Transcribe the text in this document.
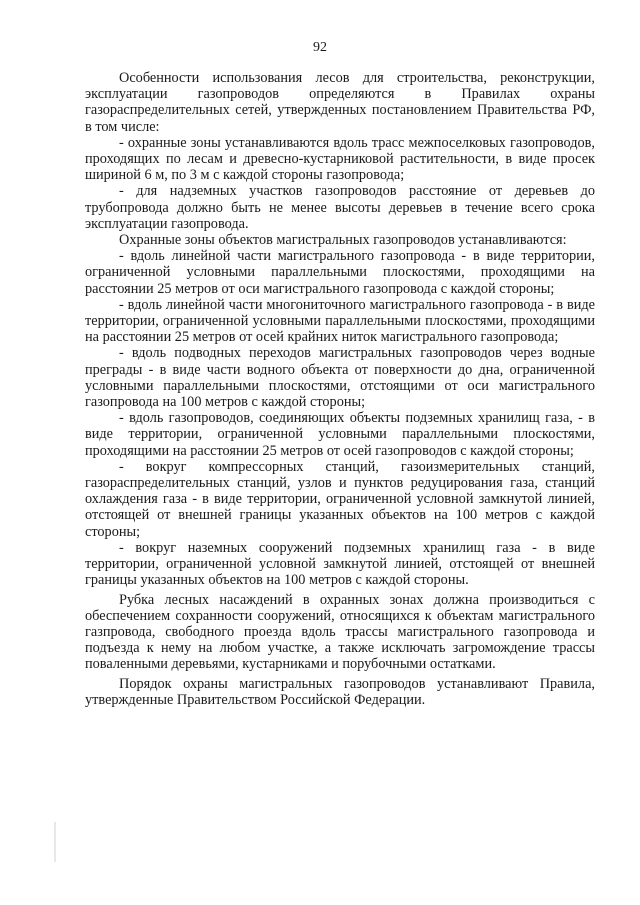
92

Особенности использования лесов для строительства, реконструкции, эксплуатации газопроводов определяются в Правилах охраны газораспределительных сетей, утвержденных постановлением Правительства РФ, в том числе:

- охранные зоны устанавливаются вдоль трасс межпоселковых газопроводов, проходящих по лесам и древесно-кустарниковой растительности, в виде просек шириной 6 м, по 3 м с каждой стороны газопровода;

- для надземных участков газопроводов расстояние от деревьев до трубопровода должно быть не менее высоты деревьев в течение всего срока эксплуатации газопровода.

Охранные зоны объектов магистральных газопроводов устанавливаются:

- вдоль линейной части магистрального газопровода - в виде территории, ограниченной условными параллельными плоскостями, проходящими на расстоянии 25 метров от оси магистрального газопровода с каждой стороны;

- вдоль линейной части многониточного магистрального газопровода - в виде территории, ограниченной условными параллельными плоскостями, проходящими на расстоянии 25 метров от осей крайних ниток магистрального газопровода;

- вдоль подводных переходов магистральных газопроводов через водные преграды - в виде части водного объекта от поверхности до дна, ограниченной условными параллельными плоскостями, отстоящими от оси магистрального газопровода на 100 метров с каждой стороны;

- вдоль газопроводов, соединяющих объекты подземных хранилищ газа, - в виде территории, ограниченной условными параллельными плоскостями, проходящими на расстоянии 25 метров от осей газопроводов с каждой стороны;

- вокруг компрессорных станций, газоизмерительных станций, газораспределительных станций, узлов и пунктов редуцирования газа, станций охлаждения газа - в виде территории, ограниченной условной замкнутой линией, отстоящей от внешней границы указанных объектов на 100 метров с каждой стороны;

- вокруг наземных сооружений подземных хранилищ газа - в виде территории, ограниченной условной замкнутой линией, отстоящей от внешней границы указанных объектов на 100 метров с каждой стороны.

Рубка лесных насаждений в охранных зонах должна производиться с обеспечением сохранности сооружений, относящихся к объектам магистрального газпровода, свободного проезда вдоль трассы магистрального газопровода и подъезда к нему на любом участке, а также исключать загромождение трассы поваленными деревьями, кустарниками и порубочными остатками.

Порядок охраны магистральных газопроводов устанавливают Правила, утвержденные Правительством Российской Федерации.
